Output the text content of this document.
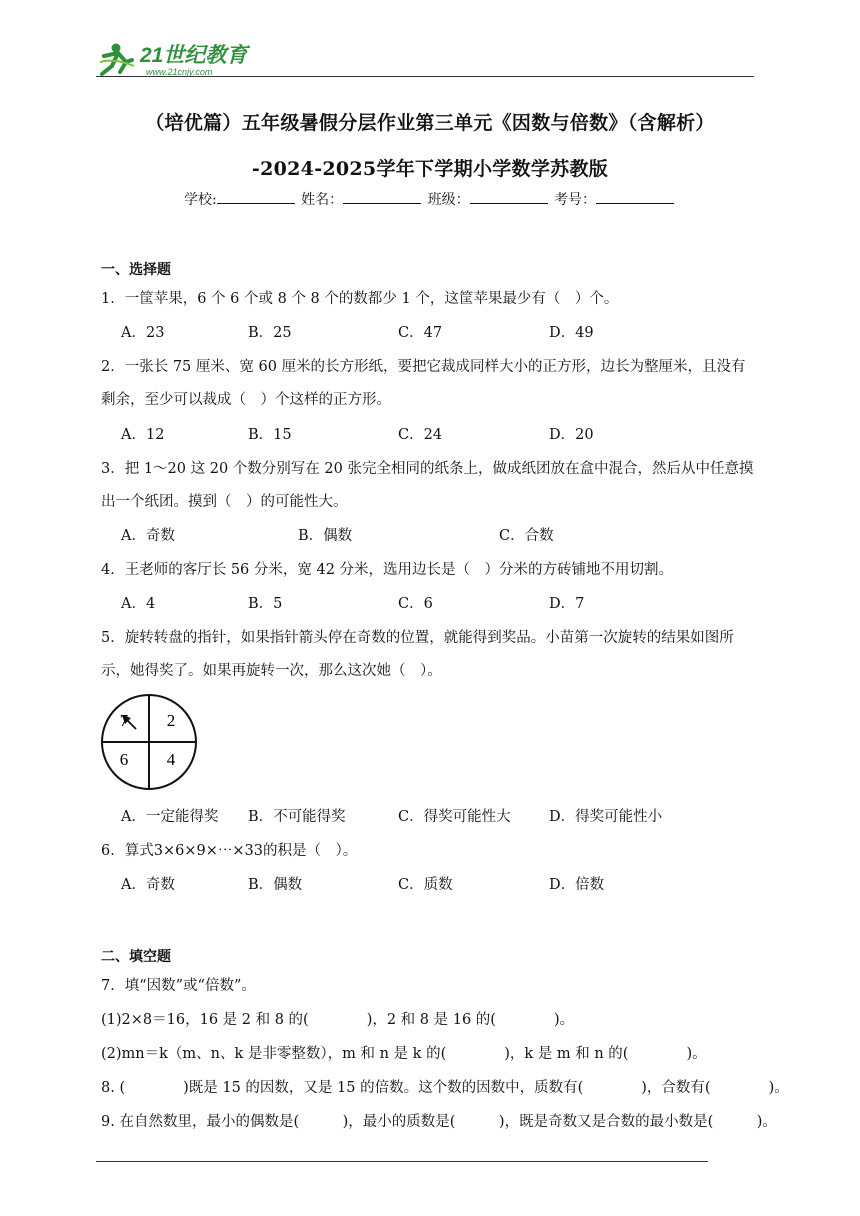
21世纪教育
www.21cnjy.com
（培优篇）五年级暑假分层作业第三单元《因数与倍数》（含解析）
-2024-2025学年下学期小学数学苏教版
学校:	姓名：	班级：	考号：
一、选择题
1．一筐苹果，6 个 6 个或 8 个 8 个的数都少 1 个，这筐苹果最少有（　）个。
A．23	B．25	C．47	D．49
2．一张长 75 厘米、宽 60 厘米的长方形纸，要把它裁成同样大小的正方形，边长为整厘米，且没有
剩余，至少可以裁成（　）个这样的正方形。
A．12	B．15	C．24	D．20
3．把 1～20 这 20 个数分别写在 20 张完全相同的纸条上，做成纸团放在盒中混合，然后从中任意摸
出一个纸团。摸到（　）的可能性大。
A．奇数	B．偶数	C．合数
4．王老师的客厅长 56 分米，宽 42 分米，选用边长是（　）分米的方砖铺地不用切割。
A．4	B．5	C．6	D．7
5．旋转转盘的指针，如果指针箭头停在奇数的位置，就能得到奖品。小苗第一次旋转的结果如图所
示，她得奖了。如果再旋转一次，那么这次她（　）。
7 2
6 4
A．一定能得奖 B．不可能得奖	C．得奖可能性大	D．得奖可能性小
6．算式3×6×9×⋯×33的积是（　）。
A．奇数	B．偶数	C．质数	D．倍数
二、填空题
7．填“因数”或“倍数”。
(1)2×8＝16，16 是 2 和 8 的(　　　　)，2 和 8 是 16 的(　　　　)。
(2)mn＝k（m、n、k 是非零整数），m 和 n 是 k 的(　　　　)，k 是 m 和 n 的(　　　　)。
8. (　　　　)既是 15 的因数，又是 15 的倍数。这个数的因数中，质数有(　　　　)，合数有(　　　　)。
9. 在自然数里，最小的偶数是(　　　)，最小的质数是(　　　)，既是奇数又是合数的最小数是(　　　)。
